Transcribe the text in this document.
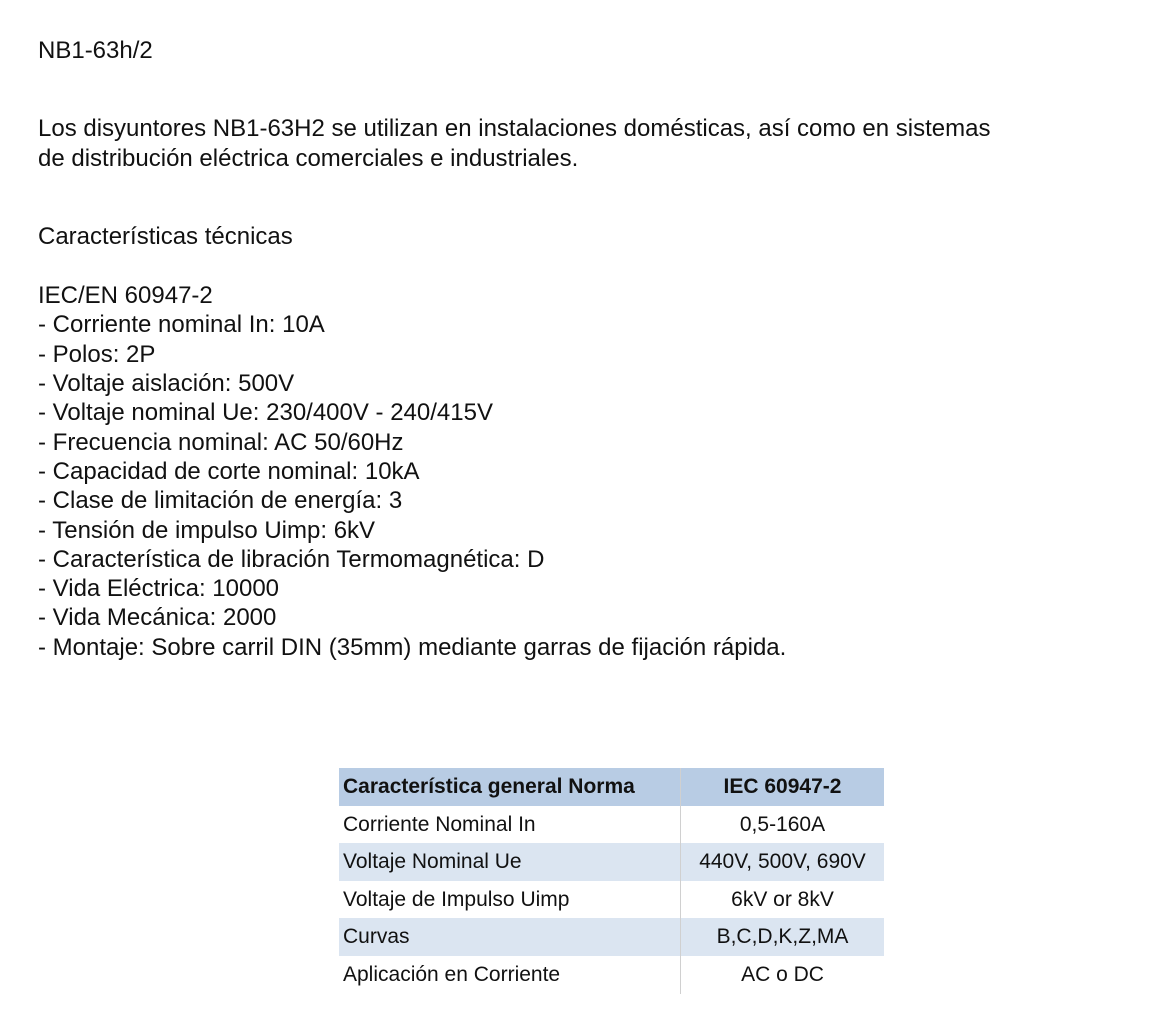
NB1-63h/2
Los disyuntores NB1-63H2 se utilizan en instalaciones domésticas, así como en sistemas
de distribución eléctrica comerciales e industriales.
Características técnicas
IEC/EN 60947-2
- Corriente nominal In: 10A
- Polos: 2P
- Voltaje aislación: 500V
- Voltaje nominal Ue: 230/400V - 240/415V
- Frecuencia nominal: AC 50/60Hz
- Capacidad de corte nominal: 10kA
- Clase de limitación de energía: 3
- Tensión de impulso Uimp: 6kV
- Característica de libración Termomagnética: D
- Vida Eléctrica: 10000
- Vida Mecánica: 2000
- Montaje: Sobre carril DIN (35mm) mediante garras de fijación rápida.
Característica general Norma	IEC 60947-2
Corriente Nominal In	0,5-160A
Voltaje Nominal Ue	440V, 500V, 690V
Voltaje de Impulso Uimp	6kV or 8kV
Curvas	B,C,D,K,Z,MA
Aplicación en Corriente	AC o DC
